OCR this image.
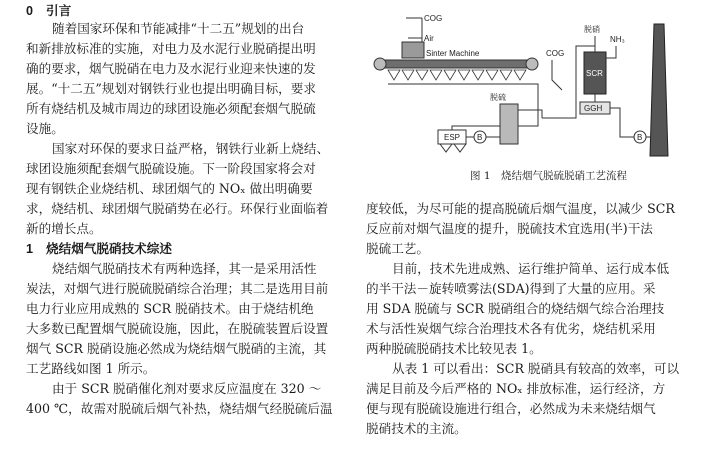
0 引言
随着国家环保和节能减排“十二五”规划的出台
和新排放标准的实施，对电力及水泥行业脱硝提出明
确的要求，烟气脱硝在电力及水泥行业迎来快速的发
展。“十二五”规划对钢铁行业也提出明确目标，要求
所有烧结机及城市周边的球团设施必须配套烟气脱硫
设施。
国家对环保的要求日益严格，钢铁行业新上烧结、
球团设施须配套烟气脱硫设施。下一阶段国家将会对
现有钢铁企业烧结机、球团烟气的 NOₓ 做出明确要
求，烧结机、球团烟气脱硝势在必行。环保行业面临着
新的增长点。
1 烧结烟气脱硝技术综述
烧结烟气脱硝技术有两种选择，其一是采用活性
炭法，对烟气进行脱硫脱硝综合治理；其二是选用目前
电力行业应用成熟的 SCR 脱硝技术。由于烧结机绝
大多数已配置烟气脱硫设施，因此，在脱硫装置后设置
烟气 SCR 脱硝设施必然成为烧结烟气脱硝的主流，其
工艺路线如图 1 所示。
由于 SCR 脱硝催化剂对要求反应温度在 320 ～
400 ℃，故需对脱硫后烟气补热，烧结烟气经脱硫后温
COG
Air
Sinter Machine
ESP B
脱硫
COG
SCR
脱硝
NH₃
GGH
B
图 1　烧结烟气脱硫脱硝工艺流程
度较低，为尽可能的提高脱硫后烟气温度，以减少 SCR
反应前对烟气温度的提升，脱硫技术宜选用(半)干法
脱硫工艺。
目前，技术先进成熟、运行维护简单、运行成本低
的半干法－旋转喷雾法(SDA)得到了大量的应用。采
用 SDA 脱硫与 SCR 脱硝组合的烧结烟气综合治理技
术与活性炭烟气综合治理技术各有优劣，烧结机采用
两种脱硫脱硝技术比较见表 1。
从表 1 可以看出：SCR 脱硝具有较高的效率，可以
满足目前及今后严格的 NOₓ 排放标准，运行经济，方
便与现有脱硫设施进行组合，必然成为未来烧结烟气
脱硝技术的主流。
